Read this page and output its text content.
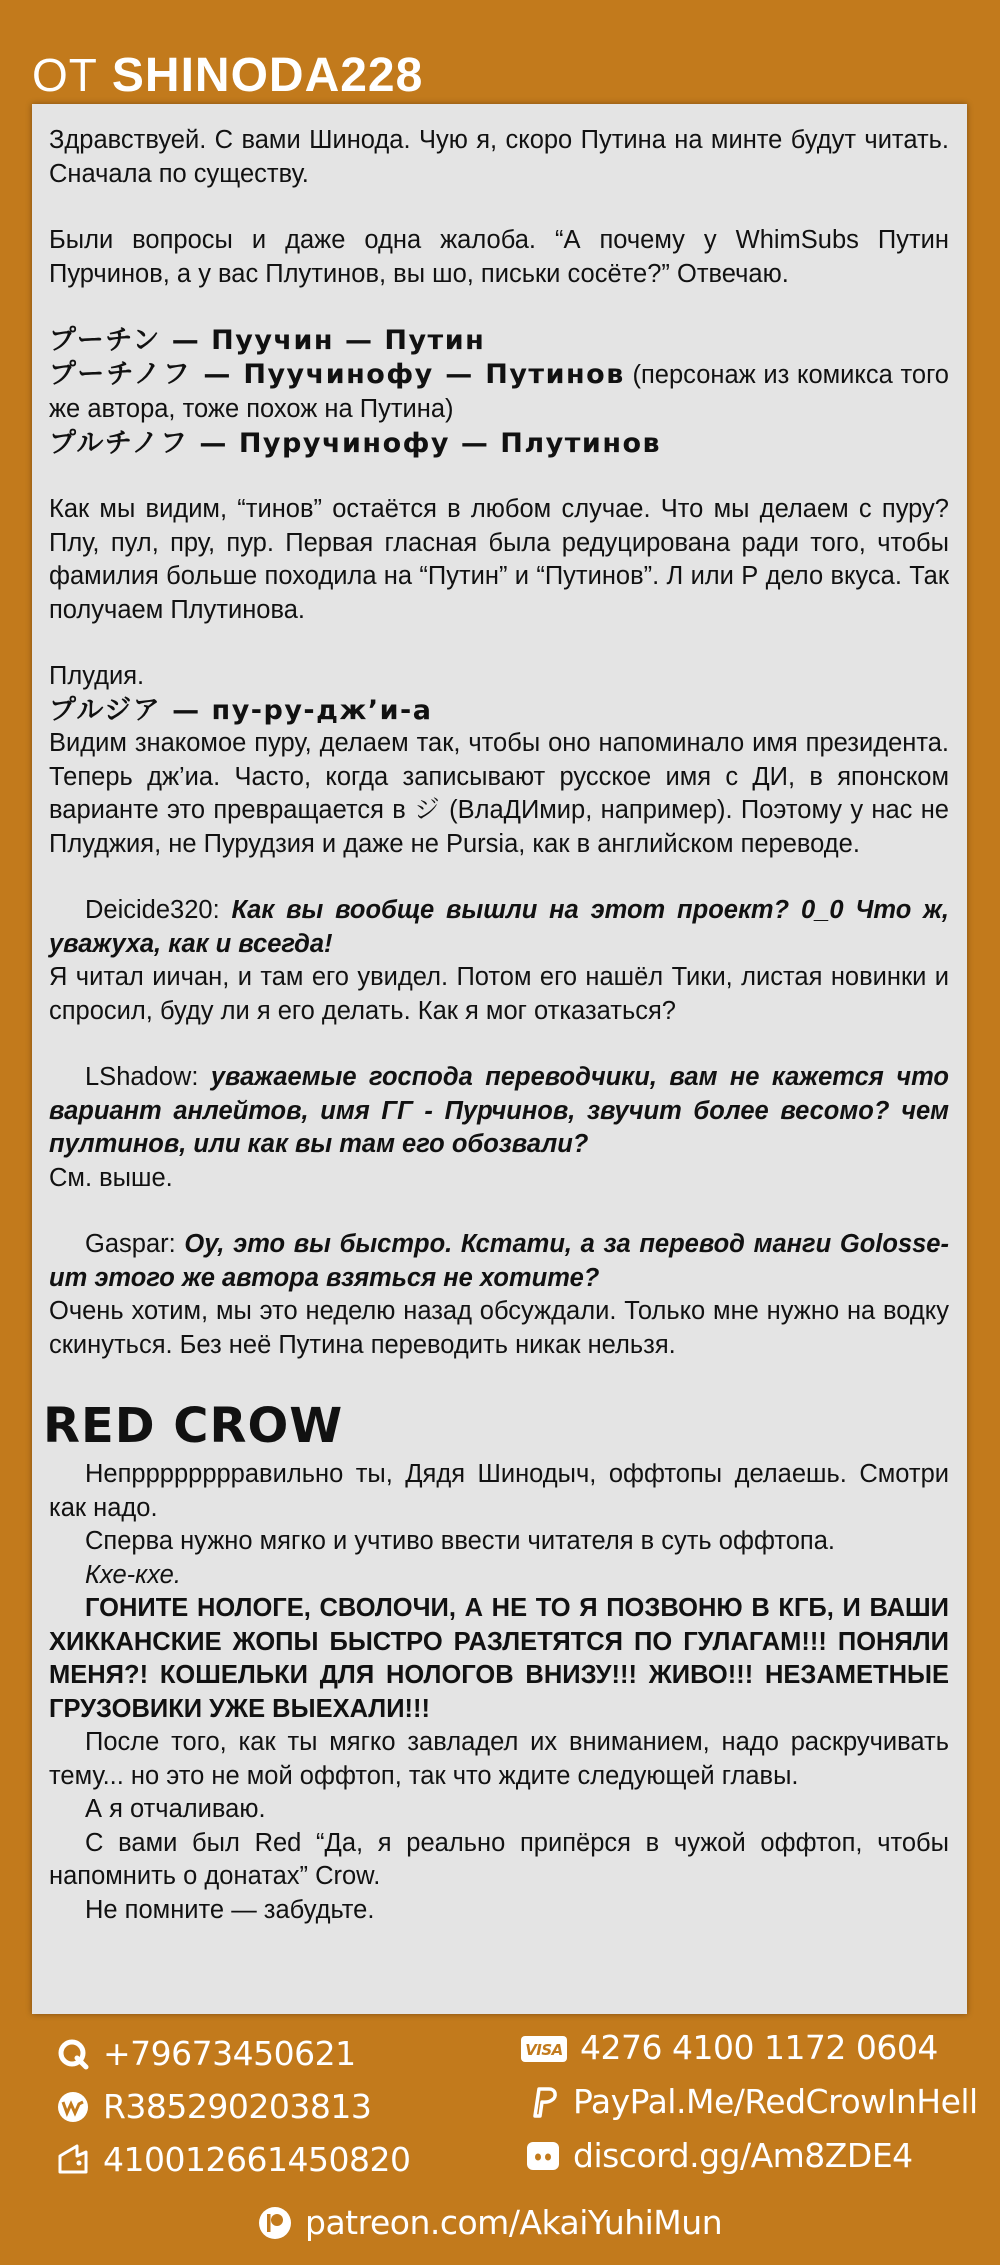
ОТ SHINODA228

Здравствуей. С вами Шинода. Чую я, скоро Путина на минте будут читать. Сначала по существу.

Были вопросы и даже одна жалоба. “А почему у WhimSubs Путин Пурчинов, а у вас Плутинов, вы шо, письки сосёте?” Отвечаю.

プーチン — Пуучин — Путин

プーチノフ — Пуучинофу — Путинов (персонаж из комикса того же автора, тоже похож на Путина)

プルチノフ — Пуручинофу — Плутинов

Как мы видим, “тинов” остаётся в любом случае. Что мы делаем с пуру? Плу, пул, пру, пур. Первая гласная была редуцирована ради того, чтобы фамилия больше походила на “Путин” и “Путинов”. Л или Р дело вкуса. Так получаем Плутинова.

Плудия.

プルジア — пу-ру-дж’и-а

Видим знакомое пуру, делаем так, чтобы оно напоминало имя президента. Теперь дж’иа. Часто, когда записывают русское имя с ДИ, в японском варианте это превращается в ジ (ВлаДИмир, например). Поэтому у нас не Плуджия, не Пурудзия и даже не Pursia, как в английском переводе.

Deicide320: Как вы вообще вышли на этот проект? 0_0 Что ж, уважуха, как и всегда!

Я читал иичан, и там его увидел. Потом его нашёл Тики, листая новинки и спросил, буду ли я его делать. Как я мог отказаться?

LShadow: уважаемые господа переводчики, вам не кажется что вариант анлейтов, имя ГГ - Пурчинов, звучит более весомо? чем пултинов, или как вы там его обозвали?

См. выше.

Gaspar: Оу, это вы быстро. Кстати, а за перевод манги Golosse-um этого же автора взяться не хотите?

Очень хотим, мы это неделю назад обсуждали. Только мне нужно на водку скинуться. Без неё Путина переводить никак нельзя.

RED CROW

Непрррррррравильно ты, Дядя Шинодыч, оффтопы делаешь. Смотри как надо.

Сперва нужно мягко и учтиво ввести читателя в суть оффтопа.

Кхе-кхе.

ГОНИТЕ НОЛОГЕ, СВОЛОЧИ, А НЕ ТО Я ПОЗВОНЮ В КГБ, И ВАШИ ХИККАНСКИЕ ЖОПЫ БЫСТРО РАЗЛЕТЯТСЯ ПО ГУЛАГАМ!!! ПОНЯЛИ МЕНЯ?! КОШЕЛЬКИ ДЛЯ НОЛОГОВ ВНИЗУ!!! ЖИВО!!! НЕЗАМЕТНЫЕ ГРУЗОВИКИ УЖЕ ВЫЕХАЛИ!!!

После того, как ты мягко завладел их вниманием, надо раскручивать тему... но это не мой оффтоп, так что ждите следующей главы.

А я отчаливаю.

С вами был Red “Да, я реально припёрся в чужой оффтоп, чтобы напомнить о донатах” Crow.

Не помните — забудьте.

+79673450621
R385290203813
410012661450820
VISA 4276 4100 1172 0604
PayPal.Me/RedCrowInHell
discord.gg/Am8ZDE4
patreon.com/AkaiYuhiMun
